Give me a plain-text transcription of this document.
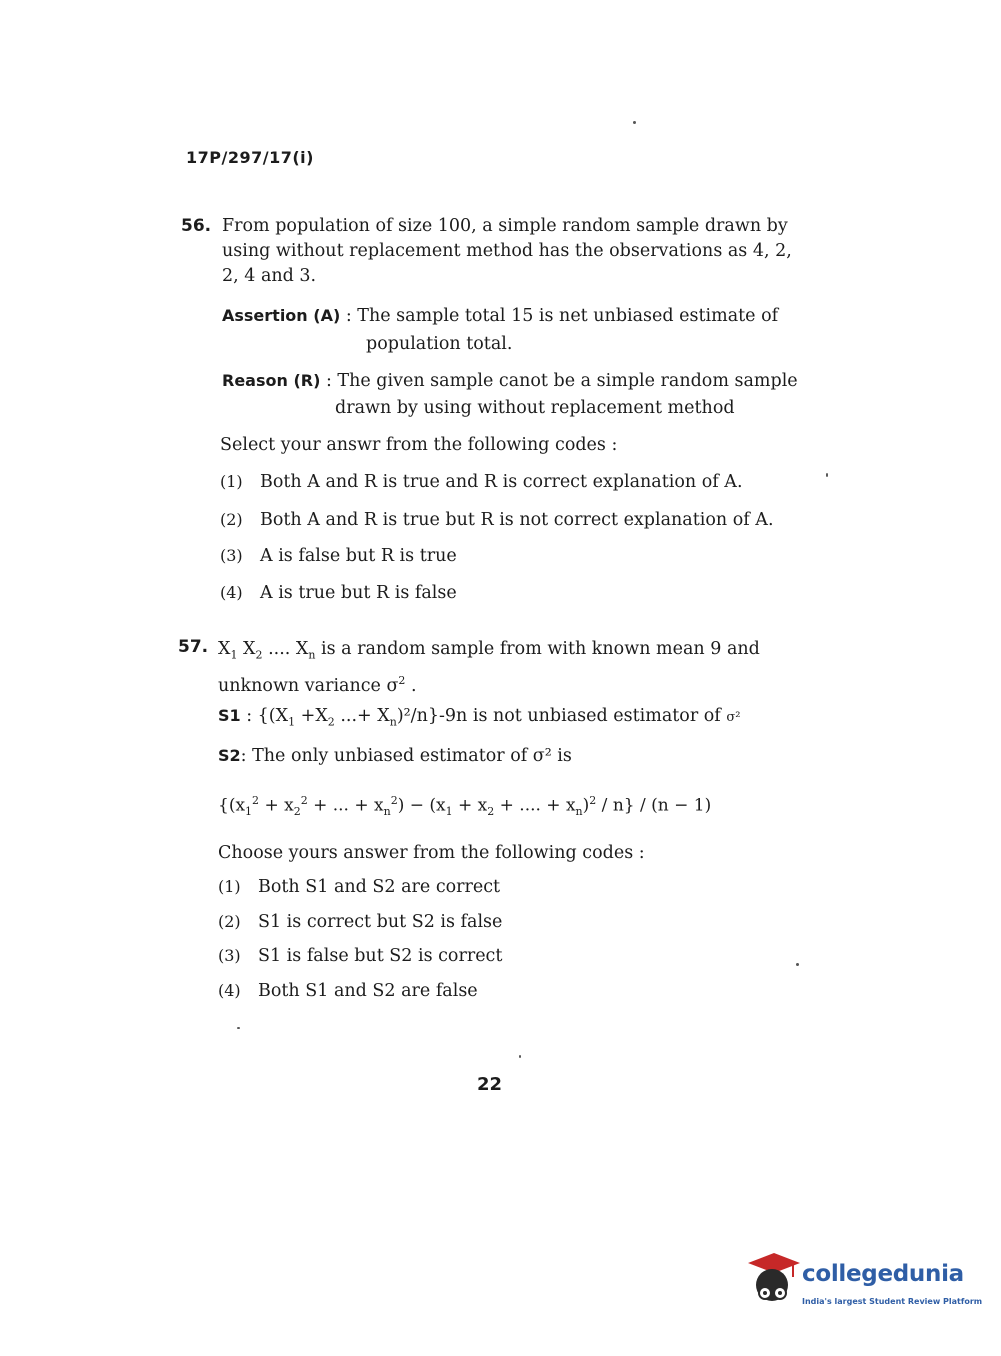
17P/297/17(i)
56. From population of size 100, a simple random sample drawn by
using without replacement method has the observations as 4, 2,
2, 4 and 3.
Assertion (A) : The sample total 15 is net unbiased estimate of
population total.
Reason (R) : The given sample canot be a simple random sample
drawn by using without replacement method
Select your answr from the following codes :
(1) Both A and R is true and R is correct explanation of A.
(2) Both A and R is true but R is not correct explanation of A.
(3) A is false but R is true
(4) A is true but R is false
57. $X_1$ $X_2$ .... $X_n$ is a random sample from with known mean 9 and
unknown variance $\sigma^2$ .
S1 : {($X_1 +X_2$ ...+ $X_n)^2/n\}-9n$ is not unbiased estimator of σ²
S2: The only unbiased estimator of σ² is
{($x_1^2 + x_2^2$ + ... + $x_n^2) - (x_1 + x_2$ + .... + $x_n)^2 / n\} / (n - 1)$
Choose yours answer from the following codes :
(1) Both S1 and S2 are correct
(2) S1 is correct but S2 is false
(3) S1 is false but S2 is correct
(4) Both S1 and S2 are false
22
collegedunia
India's largest Student Review Platform
